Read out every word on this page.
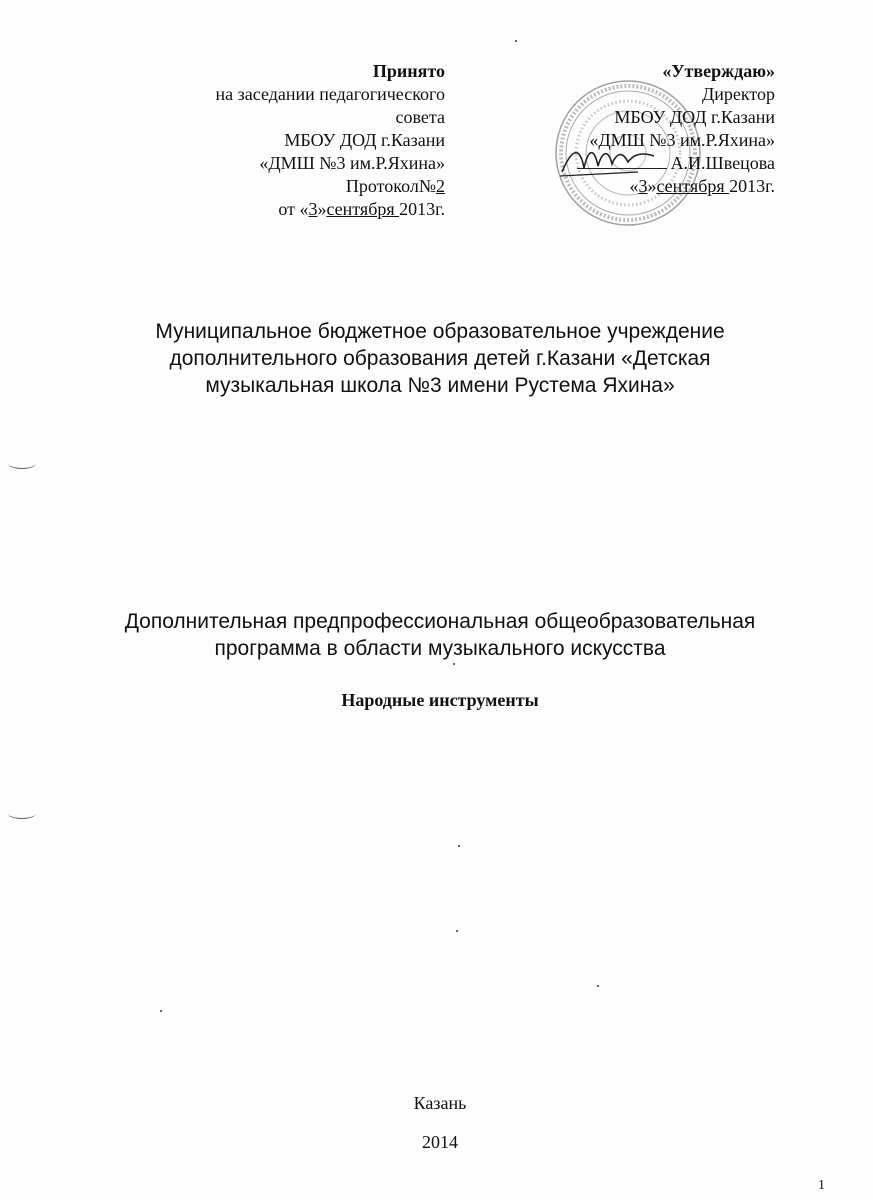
Принято
на заседании педагогического
совета
МБОУ ДОД г.Казани
«ДМШ №3 им.Р.Яхина»
Протокол№2
от «3»сентября 2013г.
«Утверждаю»
Директор
МБОУ ДОД г.Казани
«ДМШ №3 им.Р.Яхина»
А.И.Швецова
«3»сентября 2013г.
Муниципальное бюджетное образовательное учреждение
дополнительного образования детей г.Казани «Детская
музыкальная школа №3 имени Рустема Яхина»
Дополнительная предпрофессиональная общеобразовательная
программа в области музыкального искусства
Народные инструменты
Казань
2014
1
